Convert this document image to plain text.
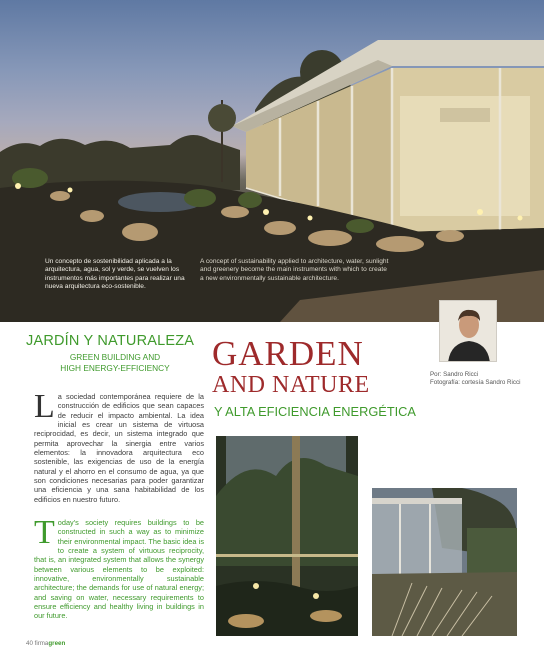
Un concepto de sostenibilidad aplicada a la arquitectura, agua, sol y verde, se vuelven los instrumentos más importantes para realizar una nueva arquitectura eco-sostenible.
A concept of sustainability applied to architecture, water, sunlight and greenery become the main instruments with which to create a new environmentally sustainable architecture.
Por: Sandro Ricci
Fotografía: cortesía Sandro Ricci
JARDÍN Y NATURALEZA
GREEN BUILDING AND
HIGH ENERGY-EFFICIENCY	GARDEN
AND NATURE
Y ALTA EFICIENCIA ENERGÉTICA
La sociedad contemporánea requiere de la construcción de edificios que sean capaces de reducir el impacto ambiental. La idea inicial es crear un sistema de virtuosa reciprocidad, es decir, un sistema integrado que permita aprovechar la sinergia entre varios elementos: la innovadora arquitectura eco sostenible, las exigencias de uso de la energía natural y el ahorro en el consumo de agua, ya que son condiciones necesarias para poder garantizar una eficiencia y una sana habitabilidad de los edificios en nuestro futuro.
Today's society requires buildings to be constructed in such a way as to minimize their environmental impact. The basic idea is to create a system of virtuous reciprocity, that is, an integrated system that allows the synergy between various elements to be exploited: innovative, environmentally sustainable architecture; the demands for use of natural energy; and saving on water, necessary requirements to ensure efficiency and healthy living in buildings in our future.
40 firmagreen
